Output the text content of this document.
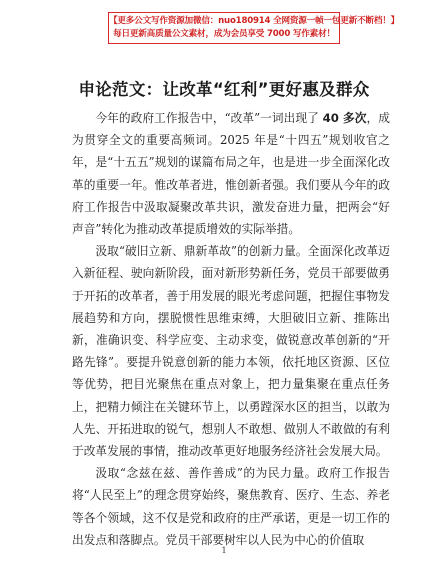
【更多公文写作资源加微信：nuo180914 全网资源一帧一包更新不断档！】
每日更新高质量公文素材，成为会员享受 7000 写作素材！
申论范文：让改革“红利”更好惠及群众

今年的政府工作报告中，“改革”一词出现了 40 多次，成为贯穿全文的重要高频词。2025 年是“十四五”规划收官之年，是“十五五”规划的谋篇布局之年，也是进一步全面深化改革的重要一年。惟改革者进，惟创新者强。我们要从今年的政府工作报告中汲取凝聚改革共识，激发奋进力量，把两会“好声音”转化为推动改革提质增效的实际举措。

汲取“破旧立新、鼎新革故”的创新力量。全面深化改革迈入新征程、驶向新阶段，面对新形势新任务，党员干部要做勇于开拓的改革者，善于用发展的眼光考虑问题，把握住事物发展趋势和方向，摆脱惯性思维束缚，大胆破旧立新、推陈出新，准确识变、科学应变、主动求变，做锐意改革创新的“开路先锋”。要提升锐意创新的能力本领，依托地区资源、区位等优势，把目光聚焦在重点对象上，把力量集聚在重点任务上，把精力倾注在关键环节上，以勇蹚深水区的担当，以敢为人先、开拓进取的锐气，想别人不敢想、做别人不敢做的有利于改革发展的事情，推动改革更好地服务经济社会发展大局。

汲取“念兹在兹、善作善成”的为民力量。政府工作报告将“人民至上”的理念贯穿始终，聚焦教育、医疗、生态、养老等各个领域，这不仅是党和政府的庄严承诺，更是一切工作的出发点和落脚点。党员干部要树牢以人民为中心的价值取

1
